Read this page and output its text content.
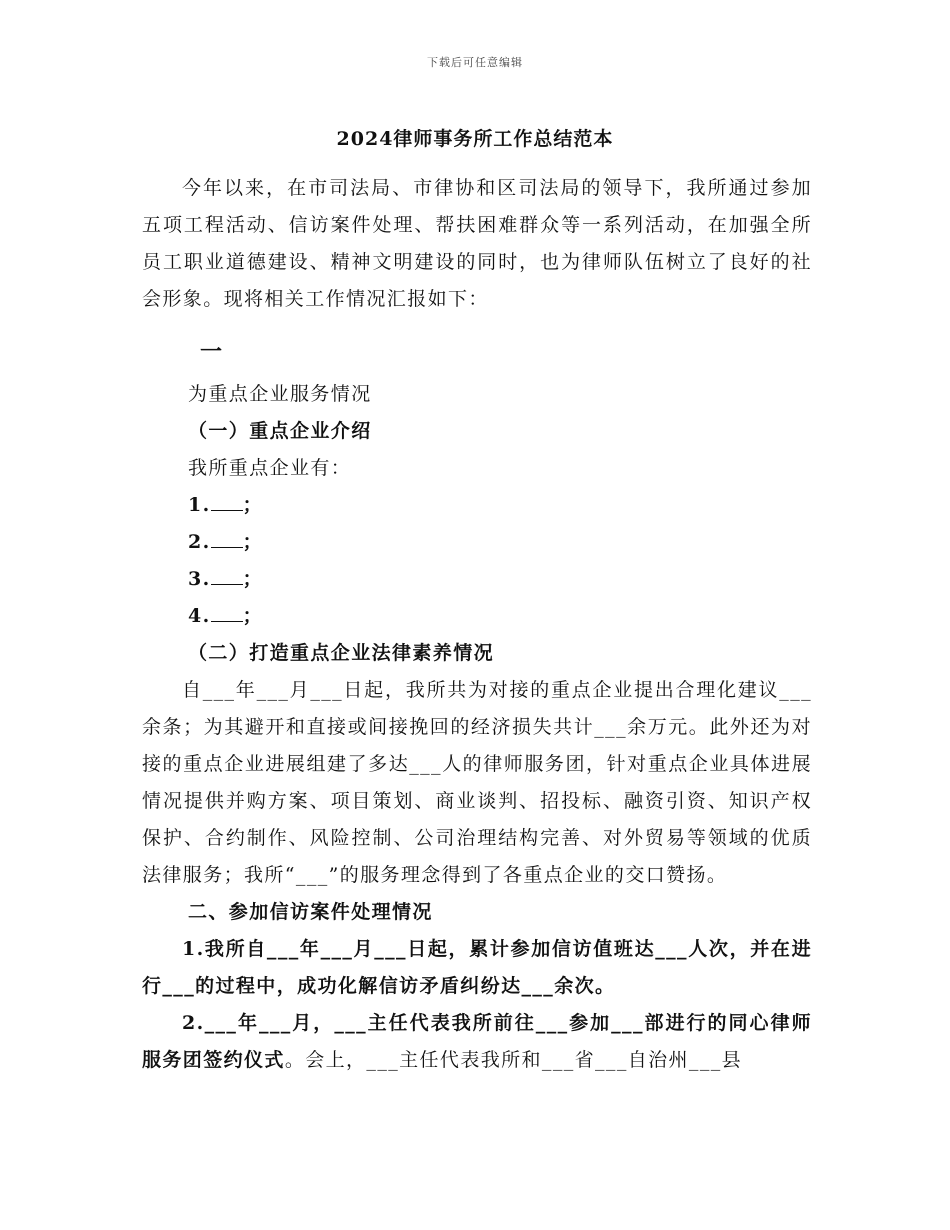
下载后可任意编辑
2024律师事务所工作总结范本

今年以来，在市司法局、市律协和区司法局的领导下，我所通过参加五项工程活动、信访案件处理、帮扶困难群众等一系列活动，在加强全所员工职业道德建设、精神文明建设的同时，也为律师队伍树立了良好的社会形象。现将相关工作情况汇报如下：

一

为重点企业服务情况

（一）重点企业介绍

我所重点企业有：

1. ；

2. ；

3. ；

4. ；

（二）打造重点企业法律素养情况

自___年___月___日起，我所共为对接的重点企业提出合理化建议___余条；为其避开和直接或间接挽回的经济损失共计___余万元。此外还为对接的重点企业进展组建了多达___人的律师服务团，针对重点企业具体进展情况提供并购方案、项目策划、商业谈判、招投标、融资引资、知识产权保护、合约制作、风险控制、公司治理结构完善、对外贸易等领域的优质法律服务；我所“___”的服务理念得到了各重点企业的交口赞扬。

二、参加信访案件处理情况

1.我所自___年___月___日起，累计参加信访值班达___人次，并在进行___的过程中，成功化解信访矛盾纠纷达___余次。

2.___年___月，___主任代表我所前往___参加___部进行的同心律师服务团签约仪式。会上，___主任代表我所和___省___自治州___县
